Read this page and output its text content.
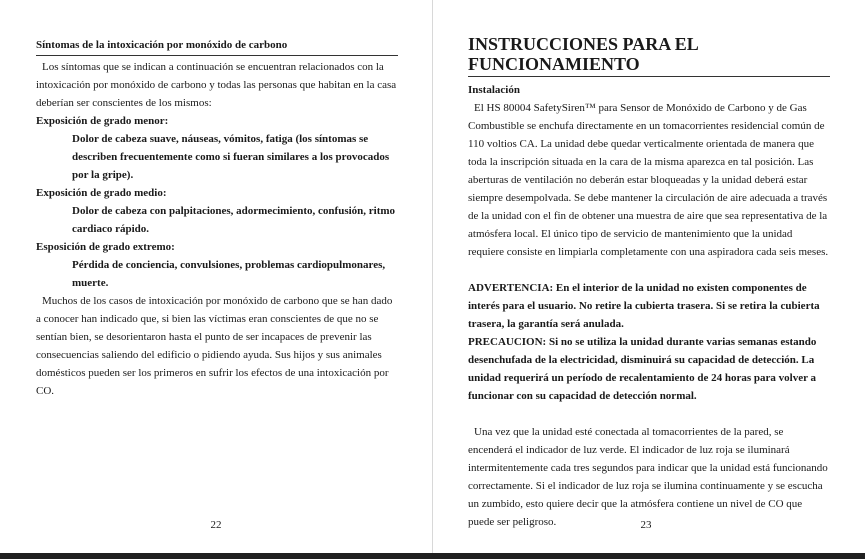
Síntomas de la intoxicación por monóxido de carbono

Los síntomas que se indican a continuación se encuentran relacionados con la intoxicación por monóxido de carbono y todas las personas que habitan en la casa deberían ser conscientes de los mismos:

Exposición de grado menor:
Dolor de cabeza suave, náuseas, vómitos, fatiga (los síntomas se describen frecuentemente como si fueran similares a los provocados por la gripe).
Exposición de grado medio:
Dolor de cabeza con palpitaciones, adormecimiento, confusión, ritmo cardiaco rápido.
Esposición de grado extremo:
Pérdida de conciencia, convulsiones, problemas cardiopulmonares, muerte.

Muchos de los casos de intoxicación por monóxido de carbono que se han dado a conocer han indicado que, si bien las víctimas eran conscientes de que no se sentían bien, se desorientaron hasta el punto de ser incapaces de prevenir las consecuencias saliendo del edificio o pidiendo ayuda. Sus hijos y sus animales domésticos pueden ser los primeros en sufrir los efectos de una intoxicación por CO.

22
INSTRUCCIONES PARA EL
FUNCIONAMIENTO
Instalación

El HS 80004 SafetySiren™ para Sensor de Monóxido de Carbono y de Gas Combustible se enchufa directamente en un tomacorrientes residencial común de 110 voltios CA. La unidad debe quedar verticalmente orientada de manera que toda la inscripción situada en la cara de la misma aparezca en tal posición. Las aberturas de ventilación no deberán estar bloqueadas y la unidad deberá estar siempre desempolvada. Se debe mantener la circulación de aire adecuada a través de la unidad con el fin de obtener una muestra de aire que sea representativa de la atmósfera local. El único tipo de servicio de mantenimiento que la unidad requiere consiste en limpiarla completamente con una aspiradora cada seis meses.

ADVERTENCIA: En el interior de la unidad no existen componentes de interés para el usuario. No retire la cubierta trasera. Si se retira la cubierta trasera, la garantía será anulada.

PRECAUCION: Si no se utiliza la unidad durante varias semanas estando desenchufada de la electricidad, disminuirá su capacidad de detección. La unidad requerirá un período de recalentamiento de 24 horas para volver a funcionar con su capacidad de detección normal.

Una vez que la unidad esté conectada al tomacorrientes de la pared, se encenderá el indicador de luz verde. El indicador de luz roja se iluminará intermitentemente cada tres segundos para indicar que la unidad está funcionando correctamente. Si el indicador de luz roja se ilumina continuamente y se escucha un zumbido, esto quiere decir que la atmósfera contiene un nivel de CO que puede ser peligroso.	23
